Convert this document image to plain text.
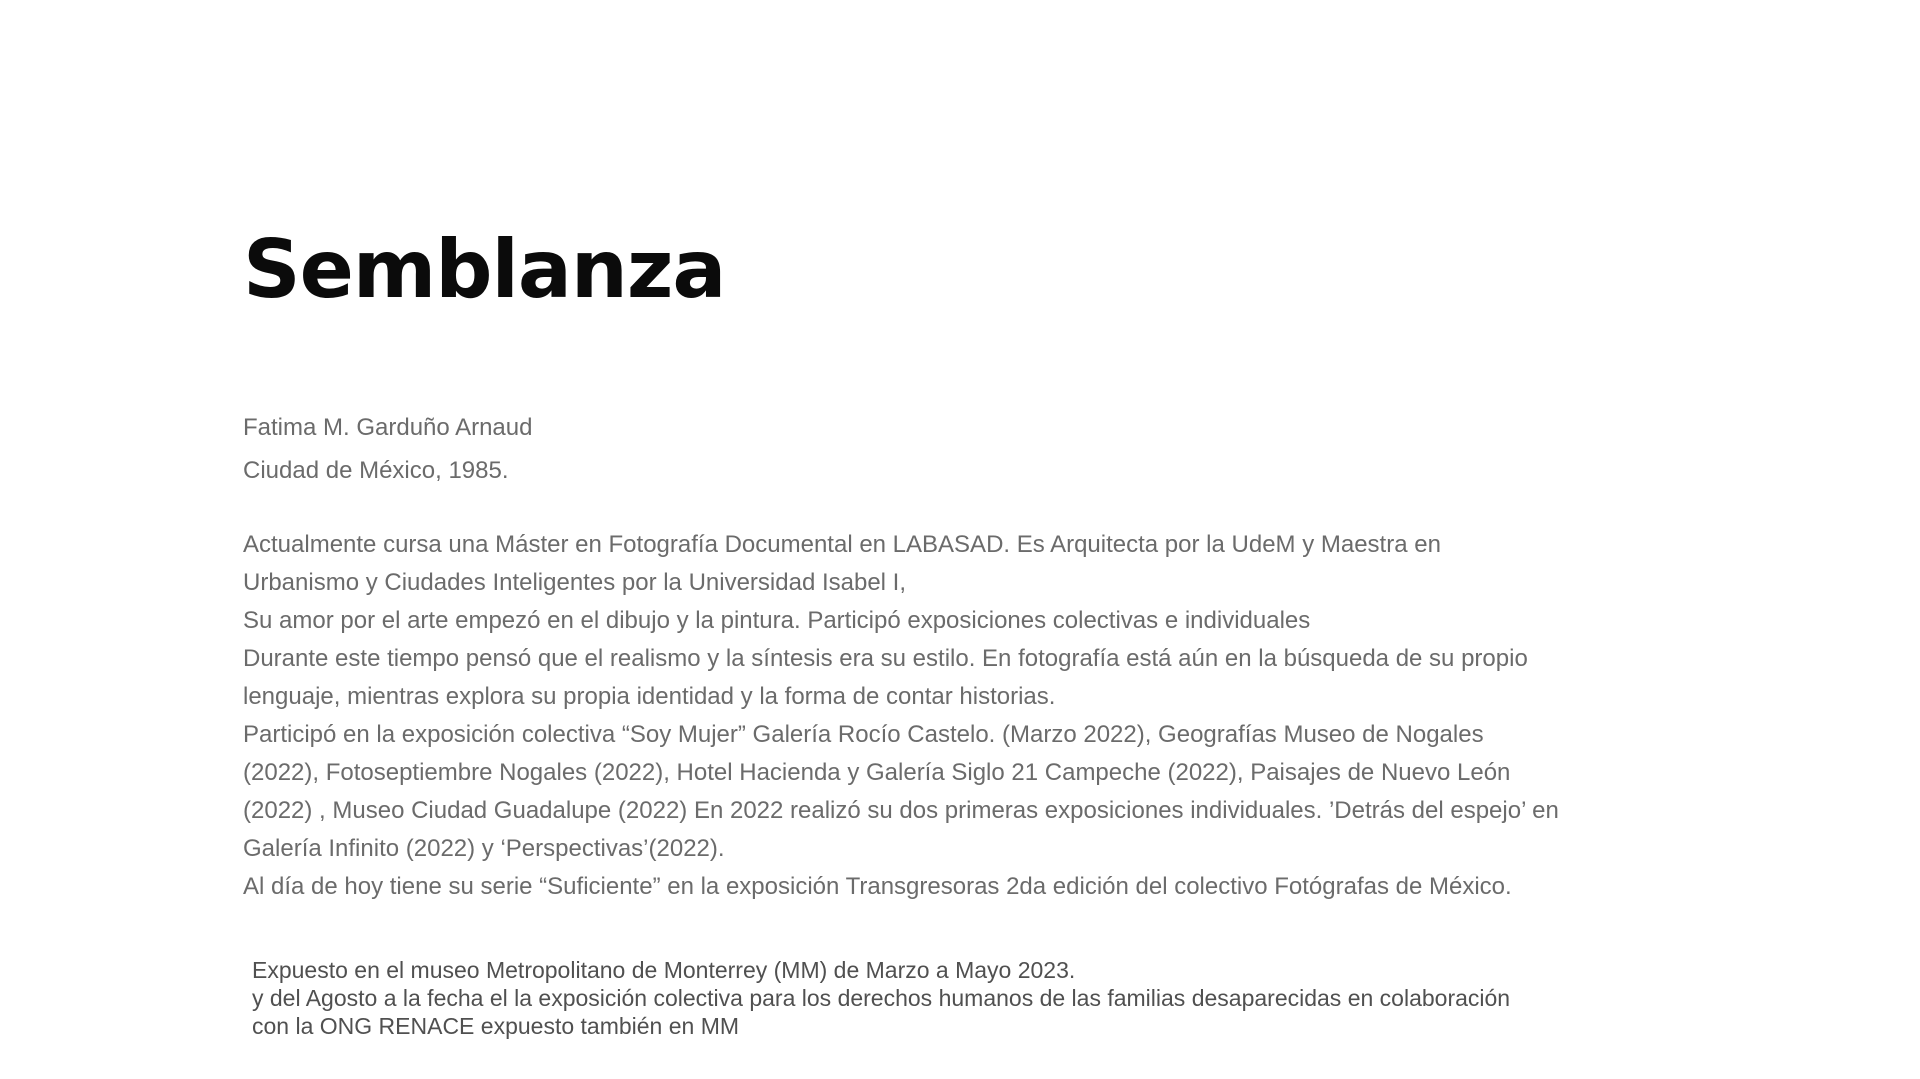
Semblanza
Fatima M. Garduño Arnaud
Ciudad de México, 1985.

Actualmente cursa una Máster en Fotografía Documental en LABASAD. Es Arquitecta por la UdeM y Maestra en
Urbanismo y Ciudades Inteligentes por la Universidad Isabel I,
Su amor por el arte empezó en el dibujo y la pintura. Participó exposiciones colectivas e individuales
Durante este tiempo pensó que el realismo y la síntesis era su estilo. En fotografía está aún en la búsqueda de su propio
lenguaje, mientras explora su propia identidad y la forma de contar historias.

Participó en la exposición colectiva “Soy Mujer” Galería Rocío Castelo. (Marzo 2022), Geografías Museo de Nogales
(2022), Fotoseptiembre Nogales (2022), Hotel Hacienda y Galería Siglo 21 Campeche (2022), Paisajes de Nuevo León
(2022) , Museo Ciudad Guadalupe (2022) En 2022 realizó su dos primeras exposiciones individuales. ’Detrás del espejo’ en
Galería Infinito (2022) y ‘Perspectivas’(2022).
Al día de hoy tiene su serie “Suficiente” en la exposición Transgresoras 2da edición del colectivo Fotógrafas de México.

Expuesto en el museo Metropolitano de Monterrey (MM) de Marzo a Mayo 2023.
y del Agosto a la fecha el la exposición colectiva para los derechos humanos de las familias desaparecidas en colaboración
con la ONG RENACE expuesto también en MM
